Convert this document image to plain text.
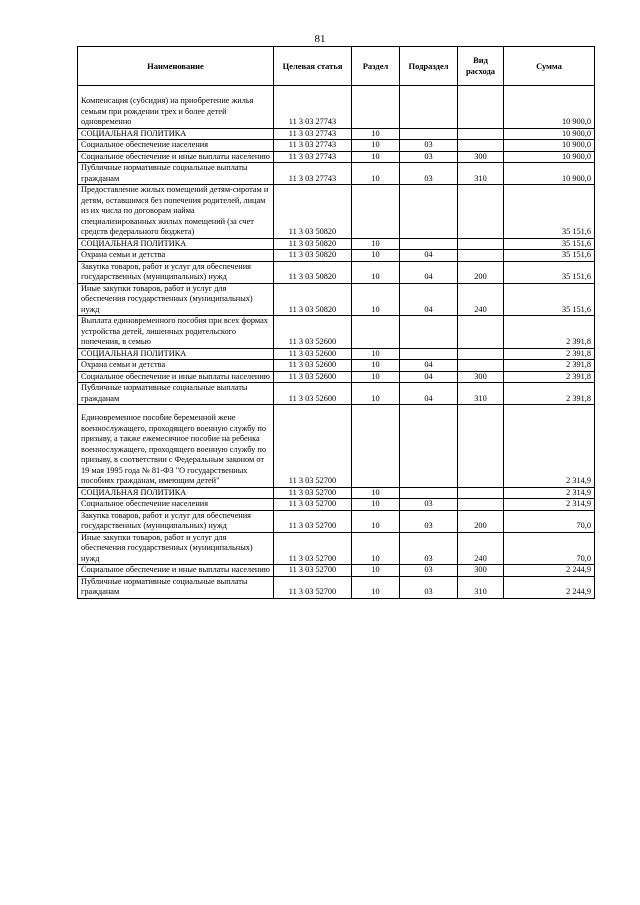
81
Наименование	Целевая статья	Раздел	Подраздел	Вид расхода	Сумма
Компенсация (субсидия) на приобретение жилья семьям при рождении трех и более детей одновременно	11 3 03 27743				10 900,0
СОЦИАЛЬНАЯ ПОЛИТИКА	11 3 03 27743	10			10 900,0
Социальное обеспечение населения	11 3 03 27743	10	03		10 900,0
Социальное обеспечение и иные выплаты населению	11 3 03 27743	10	03	300	10 900,0
Публичные нормативные социальные выплаты гражданам	11 3 03 27743	10	03	310	10 900,0
Предоставление жилых помещений детям-сиротам и детям, оставшимся без попечения родителей, лицам из их числа по договорам найма специализированных жилых помещений (за счет средств федерального бюджета)	11 3 03 50820				35 151,6
СОЦИАЛЬНАЯ ПОЛИТИКА	11 3 03 50820	10			35 151,6
Охрана семьи и детства	11 3 03 50820	10	04		35 151,6
Закупка товаров, работ и услуг для обеспечения государственных (муниципальных) нужд	11 3 03 50820	10	04	200	35 151,6
Иные закупки товаров, работ и услуг для обеспечения государственных (муниципальных) нужд	11 3 03 50820	10	04	240	35 151,6
Выплата единовременного пособия при всех формах устройства детей, лишенных родительского попечения, в семью	11 3 03 52600				2 391,8
СОЦИАЛЬНАЯ ПОЛИТИКА	11 3 03 52600	10			2 391,8
Охрана семьи и детства	11 3 03 52600	10	04		2 391,8
Социальное обеспечение и иные выплаты населению	11 3 03 52600	10	04	300	2 391,8
Публичные нормативные социальные выплаты гражданам	11 3 03 52600	10	04	310	2 391,8
Единовременное пособие беременной жене военнослужащего, проходящего военную службу по призыву, а также ежемесячное пособие на ребенка военнослужащего, проходящего военную службу по призыву, в соответствии с Федеральным законом от 19 мая 1995 года № 81-ФЗ "О государственных пособиях гражданам, имеющим детей"	11 3 03 52700				2 314,9
СОЦИАЛЬНАЯ ПОЛИТИКА	11 3 03 52700	10			2 314,9
Социальное обеспечение населения	11 3 03 52700	10	03		2 314,9
Закупка товаров, работ и услуг для обеспечения государственных (муниципальных) нужд	11 3 03 52700	10	03	200	70,0
Иные закупки товаров, работ и услуг для обеспечения государственных (муниципальных) нужд	11 3 03 52700	10	03	240	70,0
Социальное обеспечение и иные выплаты населению	11 3 03 52700	10	03	300	2 244,9
Публичные нормативные социальные выплаты гражданам	11 3 03 52700	10	03	310	2 244,9
